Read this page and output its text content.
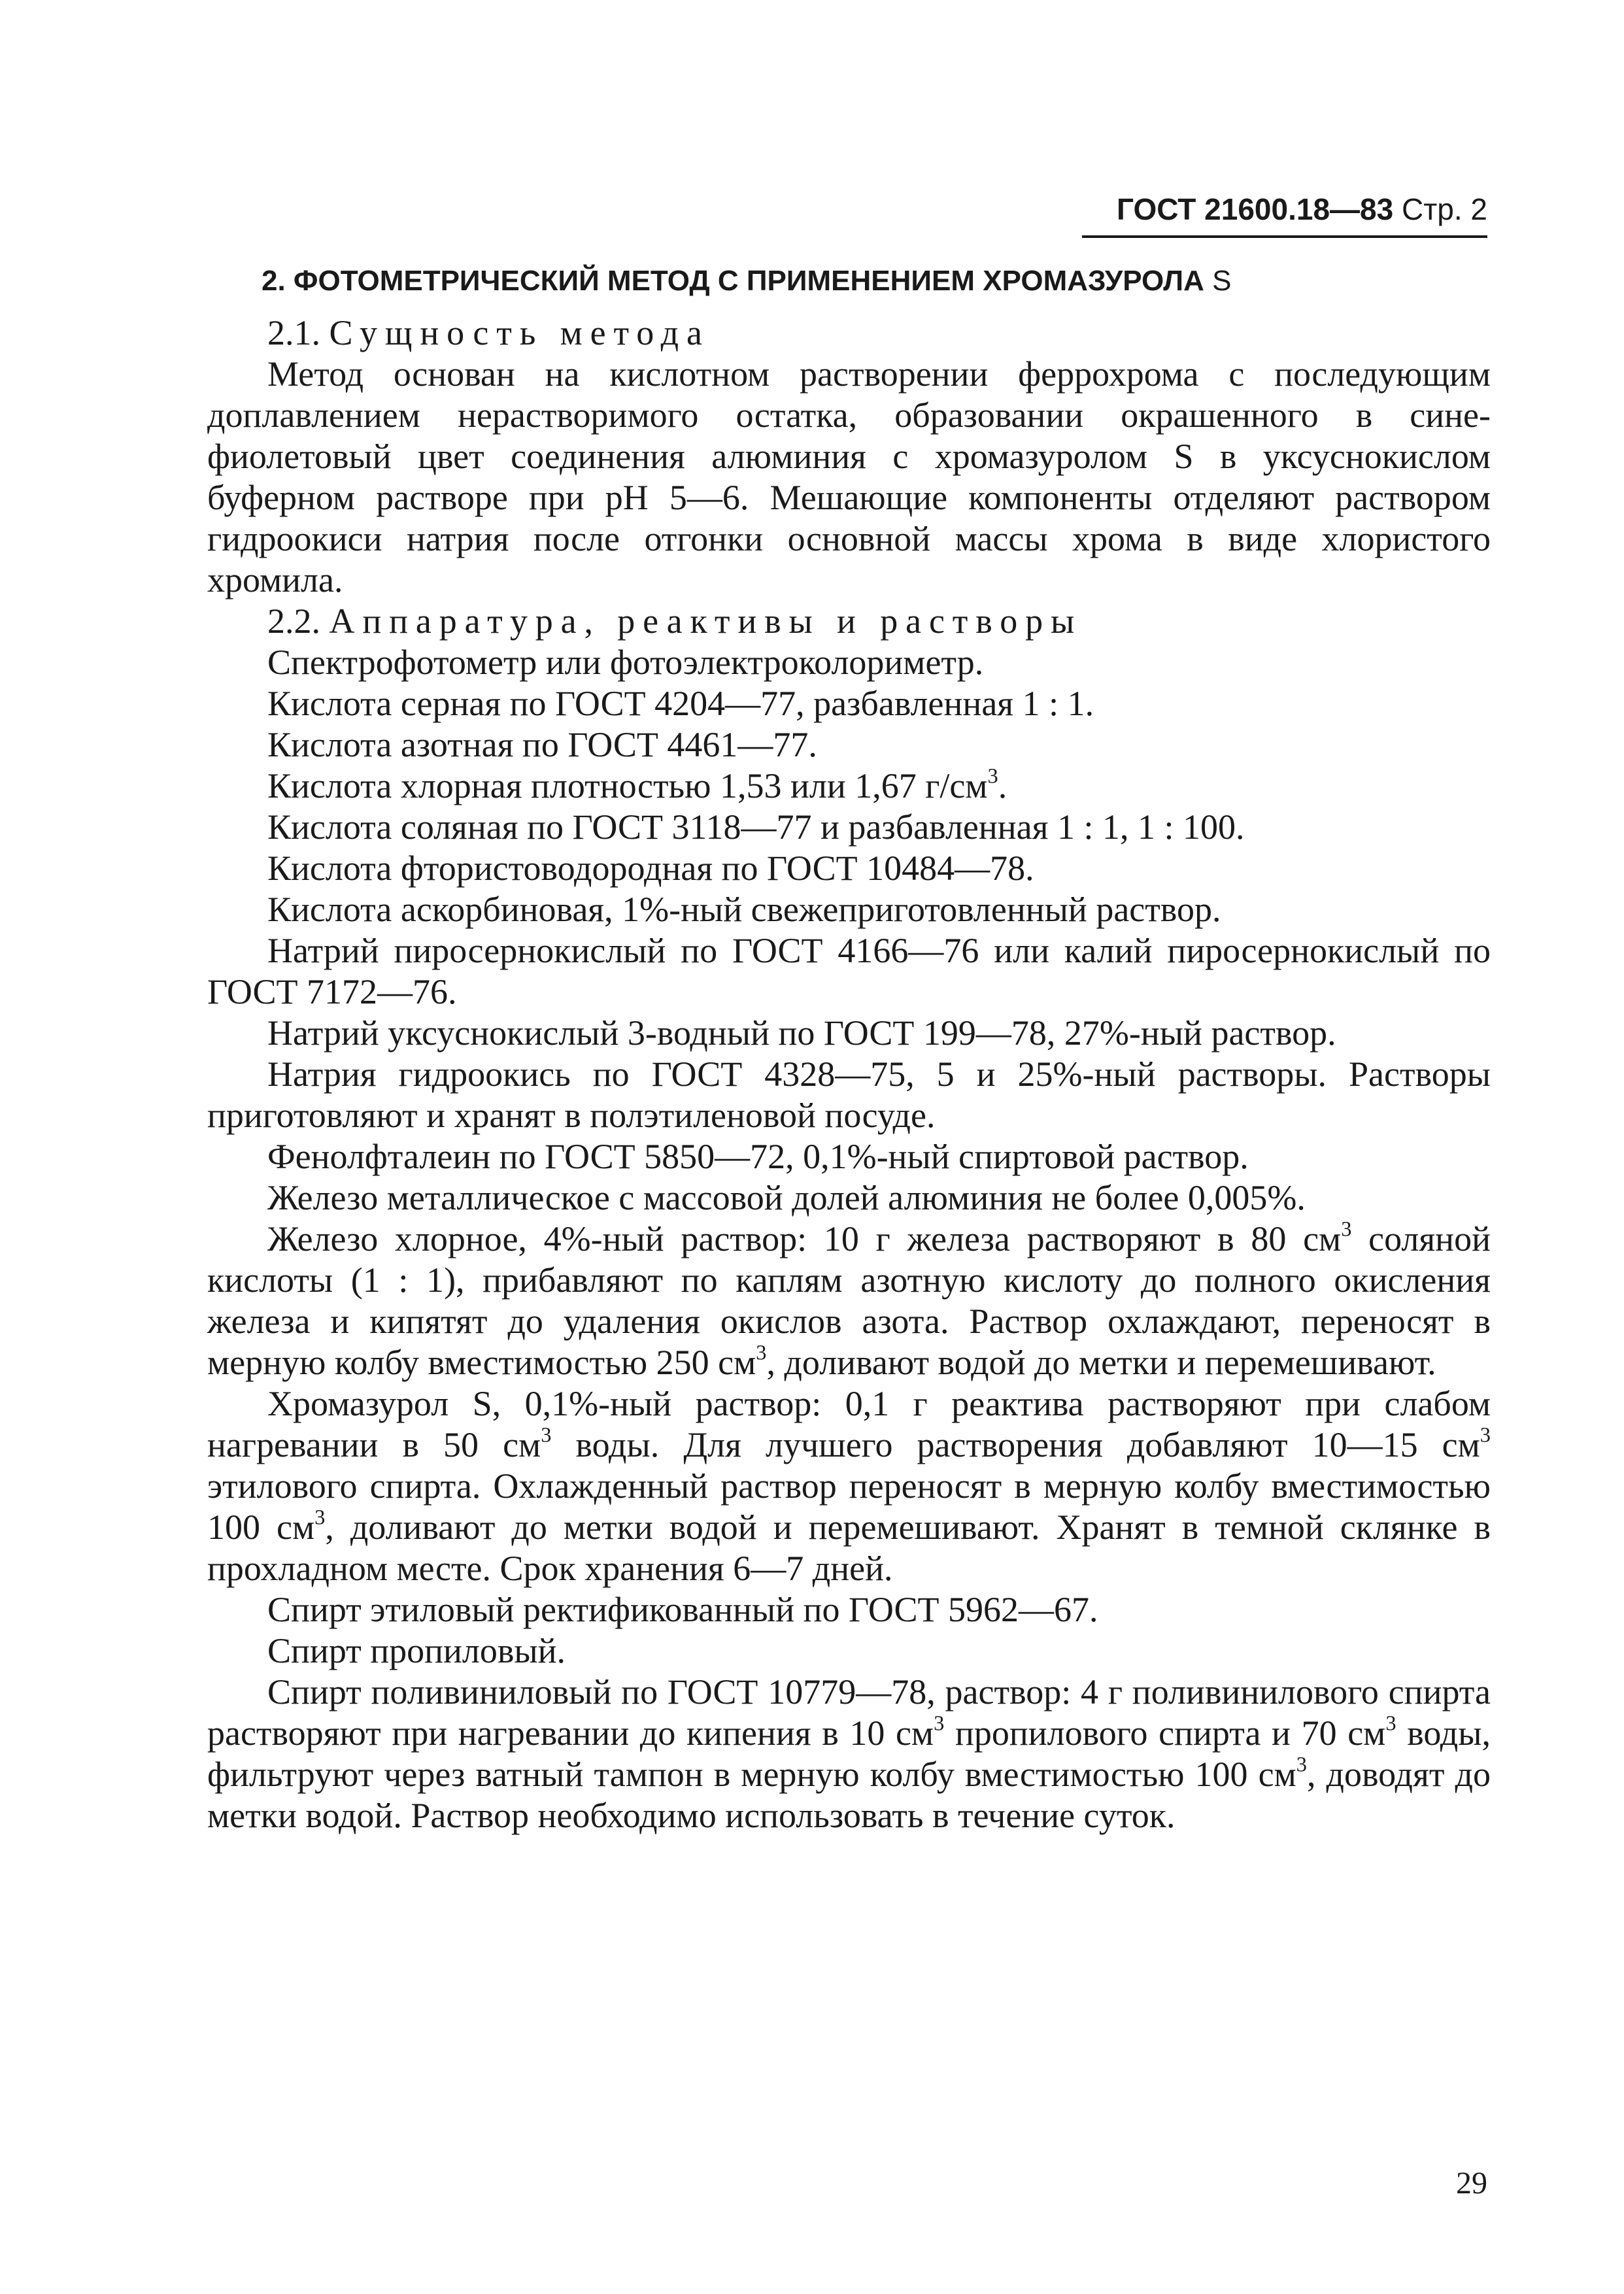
ГОСТ 21600.18—83 Стр. 2
2. ФОТОМЕТРИЧЕСКИЙ МЕТОД С ПРИМЕНЕНИЕМ ХРОМАЗУРОЛА S

2.1. Сущность метода

Метод основан на кислотном растворении феррохрома с последующим доплавлением нерастворимого остатка, образовании окрашенного в сине-фиолетовый цвет соединения алюминия с хромазуролом S в уксуснокислом буферном растворе при pH 5—6. Мешающие компоненты отделяют раствором гидроокиси натрия после отгонки основной массы хрома в виде хлористого хромила.

2.2. Аппаратура, реактивы и растворы

Спектрофотометр или фотоэлектроколориметр.

Кислота серная по ГОСТ 4204—77, разбавленная 1 : 1.

Кислота азотная по ГОСТ 4461—77.

Кислота хлорная плотностью 1,53 или 1,67 $г/см^3$.

Кислота соляная по ГОСТ 3118—77 и разбавленная 1 : 1, 1 : 100.

Кислота фтористоводородная по ГОСТ 10484—78.

Кислота аскорбиновая, 1%-ный свежеприготовленный раствор.

Натрий пиросернокислый по ГОСТ 4166—76 или калий пиросернокислый по ГОСТ 7172—76.

Натрий уксуснокислый 3-водный по ГОСТ 199—78, 27%-ный раствор.

Натрия гидроокись по ГОСТ 4328—75, 5 и 25%-ный растворы. Растворы приготовляют и хранят в полэтиленовой посуде.

Фенолфталеин по ГОСТ 5850—72, 0,1%-ный спиртовой раствор.

Железо металлическое с массовой долей алюминия не более 0,005%.

Железо хлорное, 4%-ный раствор: 10 г железа растворяют в 80 $см^3$ соляной кислоты (1 : 1), прибавляют по каплям азотную кислоту до полного окисления железа и кипятят до удаления окислов азота. Раствор охлаждают, переносят в мерную колбу вместимостью 250 $см^3$, доливают водой до метки и перемешивают.

Хромазурол S, 0,1%-ный раствор: 0,1 г реактива растворяют при слабом нагревании в 50 $см^3$ воды. Для лучшего растворения добавляют 10—15 $см^3$ этилового спирта. Охлажденный раствор переносят в мерную колбу вместимостью 100 $см^3$, доливают до метки водой и перемешивают. Хранят в темной склянке в прохладном месте. Срок хранения 6—7 дней.

Спирт этиловый ректификованный по ГОСТ 5962—67.

Спирт пропиловый.

Спирт поливиниловый по ГОСТ 10779—78, раствор: 4 г поливинилового спирта растворяют при нагревании до кипения в 10 $см^3$ пропилового спирта и 70 $см^3$ воды, фильтруют через ватный тампон в мерную колбу вместимостью 100 $см^3$, доводят до метки водой. Раствор необходимо использовать в течение суток.

29
